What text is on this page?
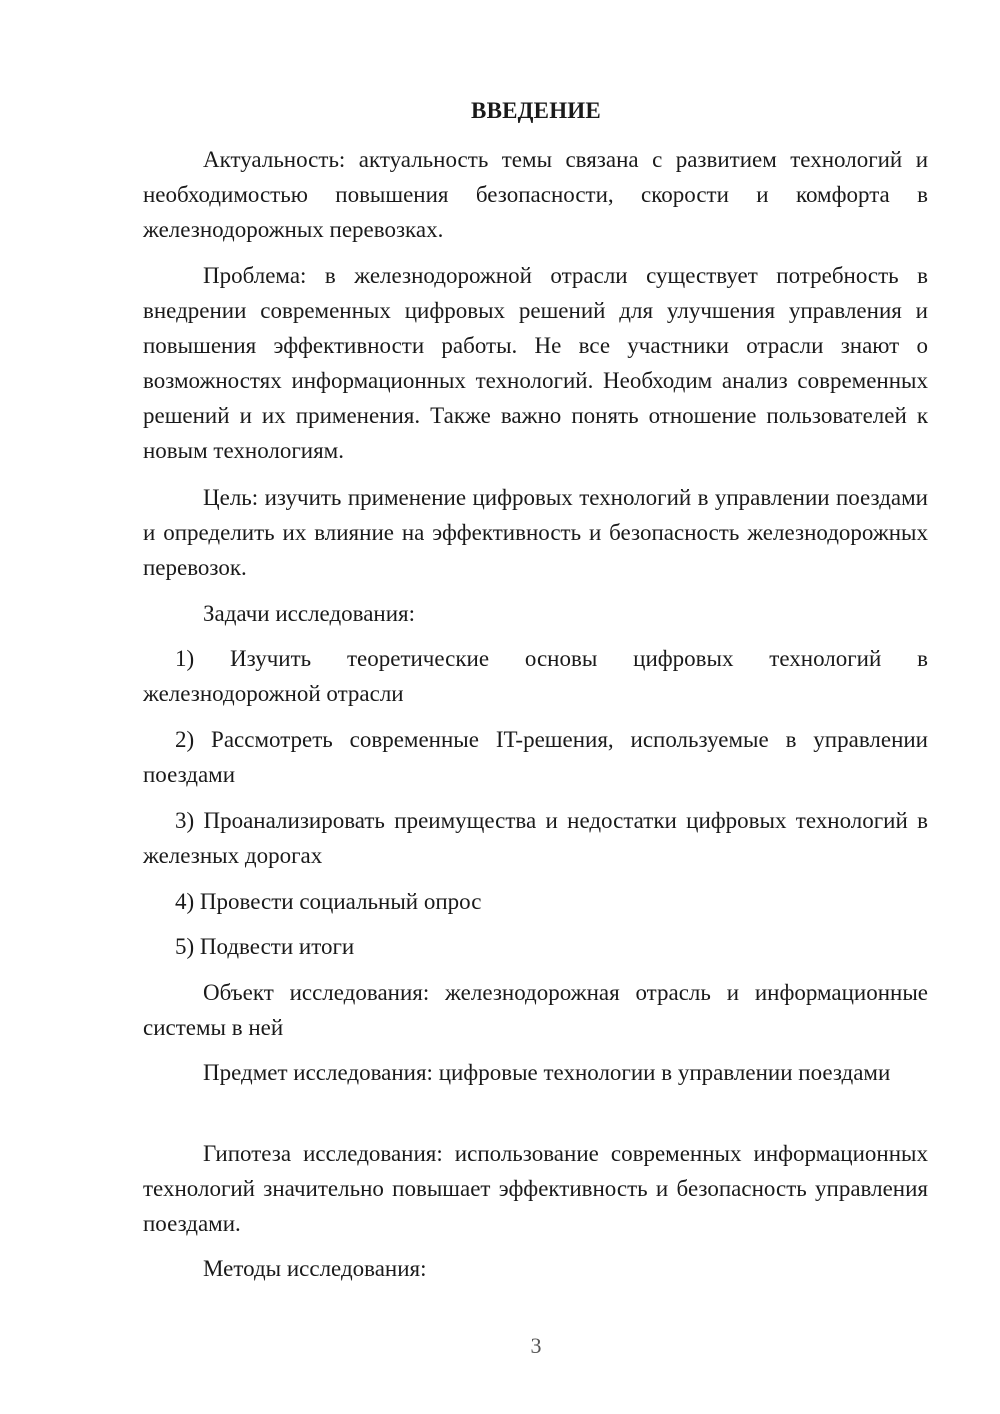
ВВЕДЕНИЕ

Актуальность: актуальность темы связана с развитием технологий и необходимостью повышения безопасности, скорости и комфорта в железнодорожных перевозках.

Проблема: в железнодорожной отрасли существует потребность в внедрении современных цифровых решений для улучшения управления и повышения эффективности работы. Не все участники отрасли знают о возможностях информационных технологий. Необходим анализ современных решений и их применения. Также важно понять отношение пользователей к новым технологиям.

Цель: изучить применение цифровых технологий в управлении поездами и определить их влияние на эффективность и безопасность железнодорожных перевозок.

Задачи исследования:

1) Изучить теоретические основы цифровых технологий в железнодорожной отрасли

2) Рассмотреть современные IT-решения, используемые в управлении поездами

3) Проанализировать преимущества и недостатки цифровых технологий в железных дорогах

4) Провести социальный опрос
5) Подвести итоги

Объект исследования: железнодорожная отрасль и информационные системы в ней

Предмет исследования: цифровые технологии в управлении поездами

Гипотеза исследования: использование современных информационных технологий значительно повышает эффективность и безопасность управления поездами.

Методы исследования:
3
